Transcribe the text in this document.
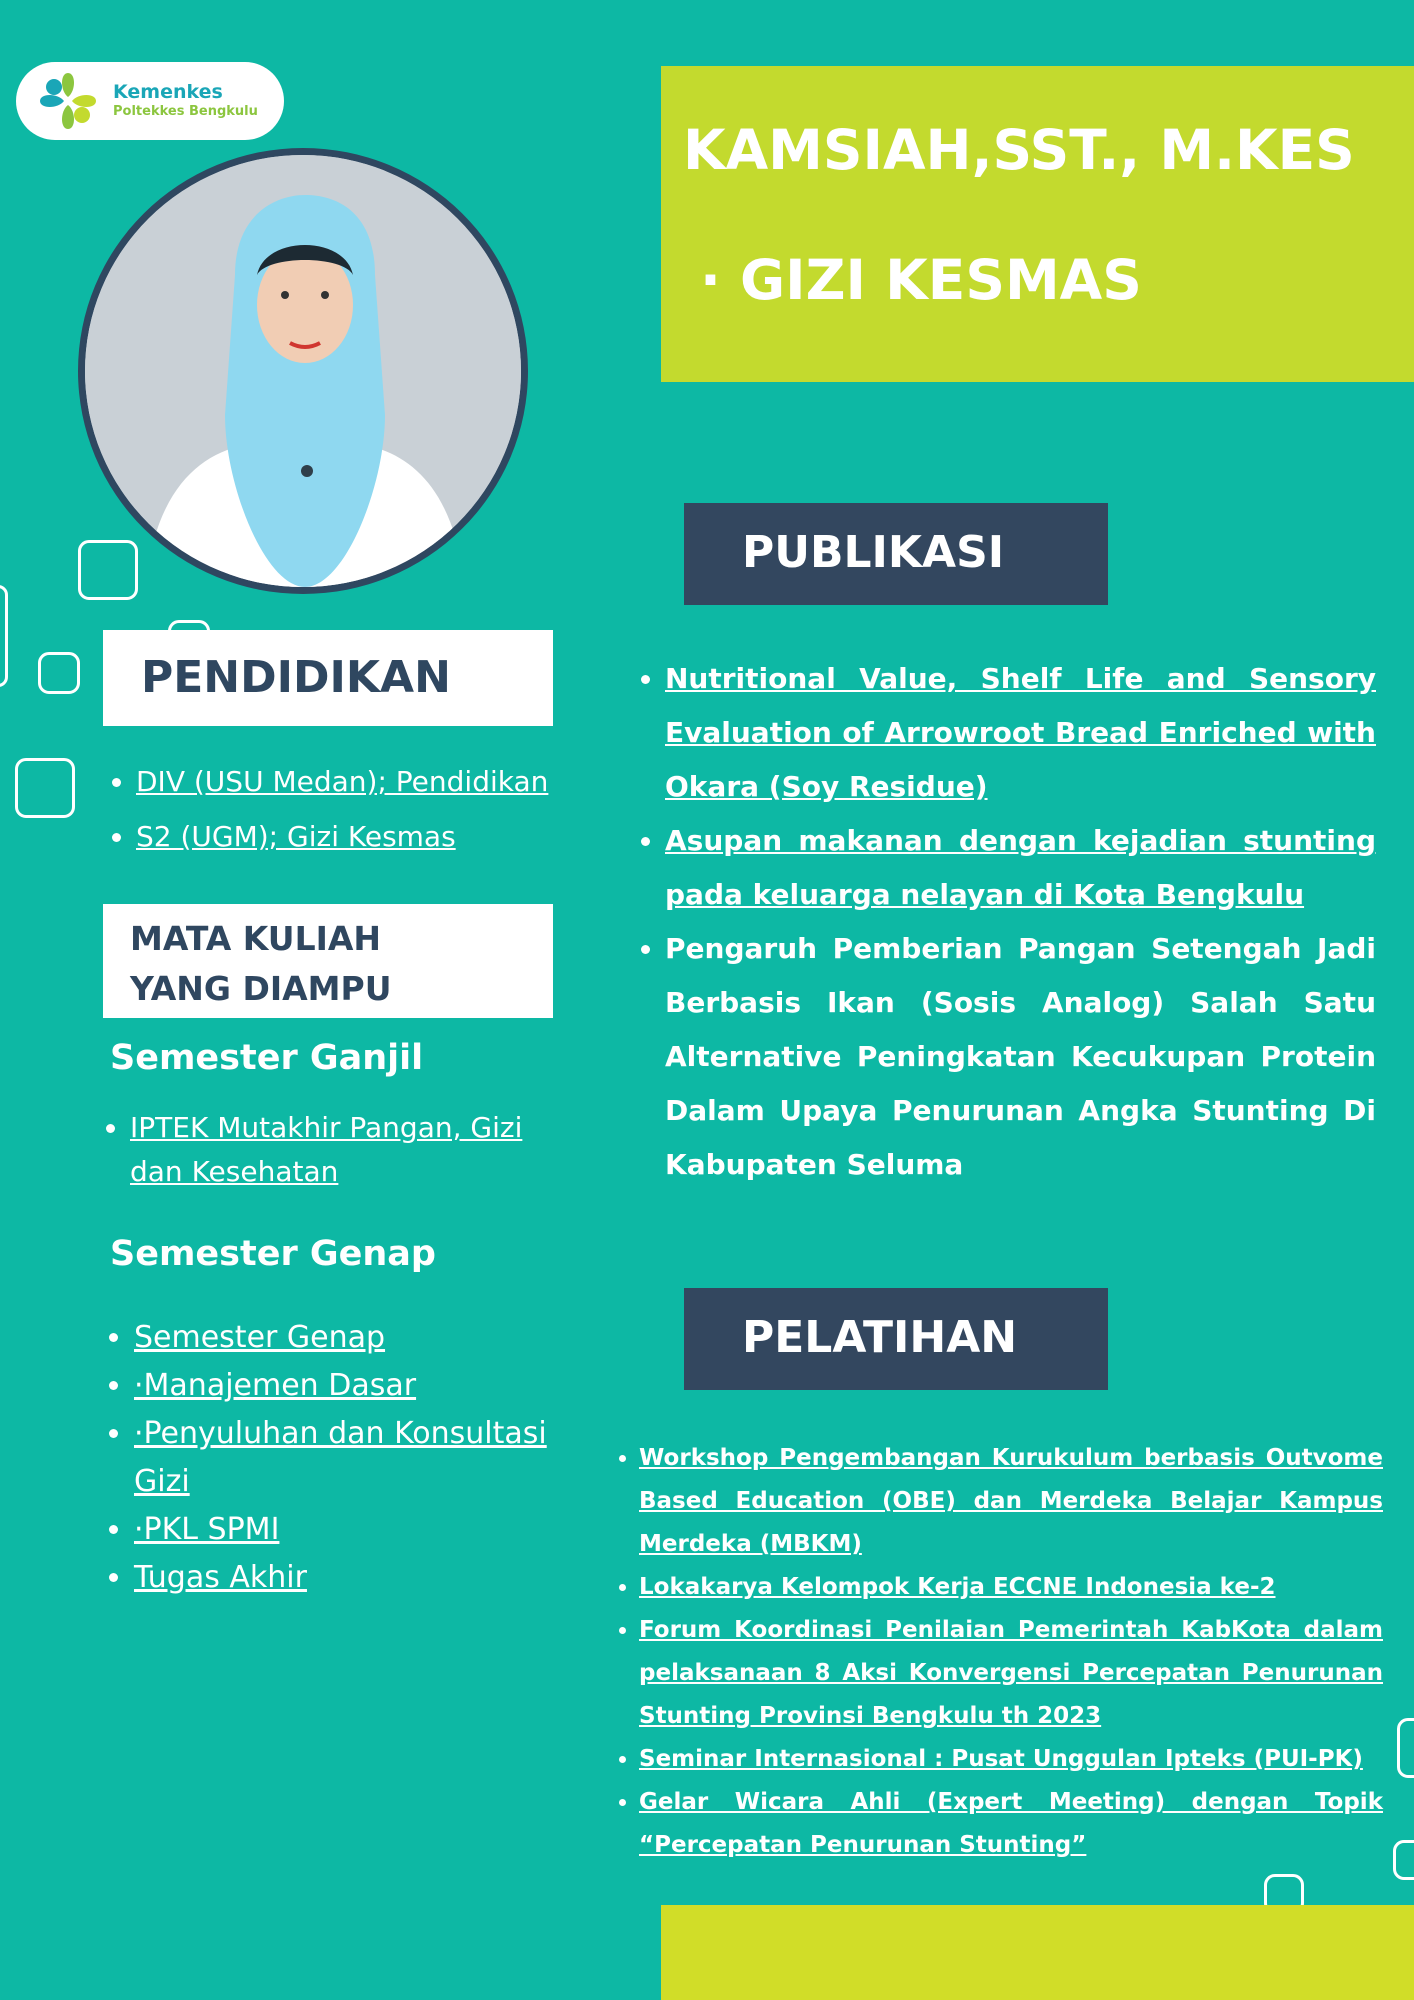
Kemenkes
Poltekkes Bengkulu
KAMSIAH,SST., M.KES
· GIZI KESMAS
PENDIDIKAN
• DIV (USU Medan); Pendidikan
• S2 (UGM); Gizi Kesmas
MATA KULIAH
YANG DIAMPU
Semester Ganjil
• IPTEK Mutakhir Pangan, Gizi dan Kesehatan
Semester Genap
• Semester Genap
• ·Manajemen Dasar
• ·Penyuluhan dan Konsultasi Gizi
• ·PKL SPMI
• Tugas Akhir
PUBLIKASI
• Nutritional Value, Shelf Life and Sensory Evaluation of Arrowroot Bread Enriched with Okara (Soy Residue)
• Asupan makanan dengan kejadian stunting pada keluarga nelayan di Kota Bengkulu
• Pengaruh Pemberian Pangan Setengah Jadi Berbasis Ikan (Sosis Analog) Salah Satu Alternative Peningkatan Kecukupan Protein Dalam Upaya Penurunan Angka Stunting Di Kabupaten Seluma
PELATIHAN
• Workshop Pengembangan Kurukulum berbasis Outvome Based Education (OBE) dan Merdeka Belajar Kampus Merdeka (MBKM)
• Lokakarya Kelompok Kerja ECCNE Indonesia ke-2
• Forum Koordinasi Penilaian Pemerintah KabKota dalam pelaksanaan 8 Aksi Konvergensi Percepatan Penurunan Stunting Provinsi Bengkulu th 2023
• Seminar Internasional : Pusat Unggulan Ipteks (PUI-PK)
• Gelar Wicara Ahli (Expert Meeting) dengan Topik “Percepatan Penurunan Stunting”
